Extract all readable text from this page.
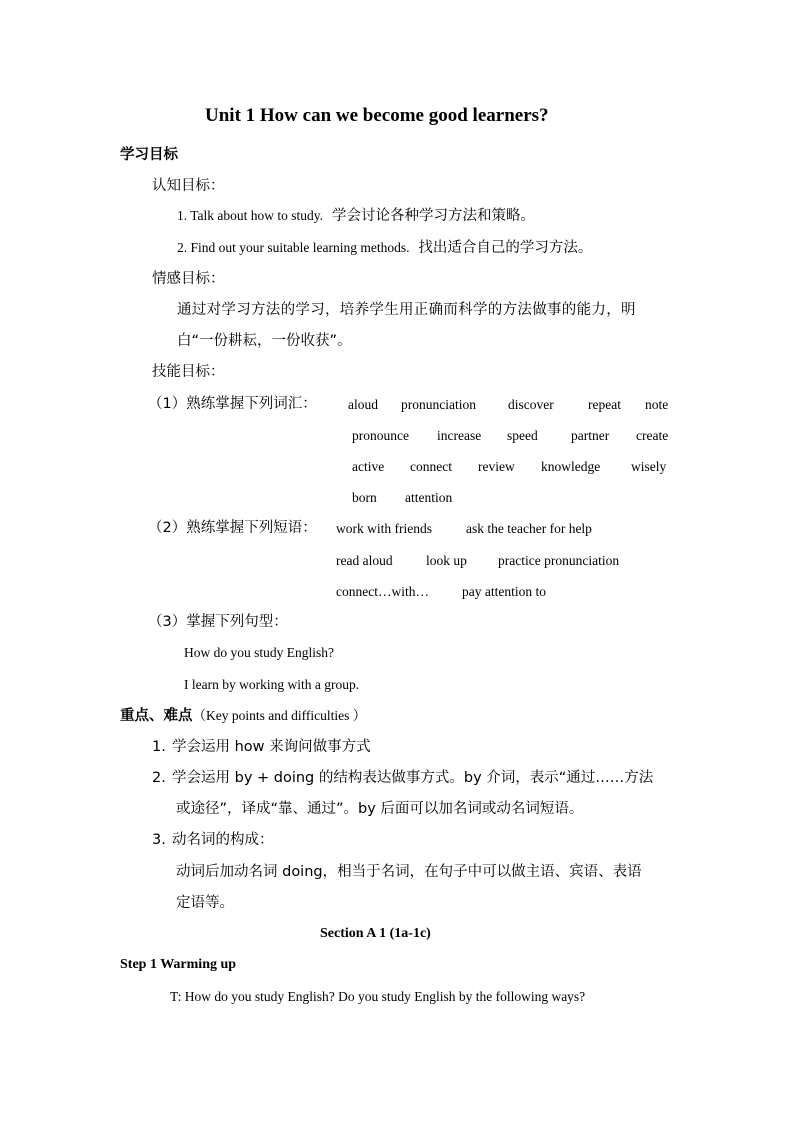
Unit 1 How can we become good learners?
学习目标
认知目标：
1. Talk about how to study. 学会讨论各种学习方法和策略。
2. Find out your suitable learning methods. 找出适合自己的学习方法。
情感目标：
通过对学习方法的学习，培养学生用正确而科学的方法做事的能力，明
白“一份耕耘，一份收获”。
技能目标：
（1）熟练掌握下列词汇： aloud pronunciation discover	repeat note
pronounce increase speed partner create
active connect review knowledge wisely
born attention
（2）熟练掌握下列短语： work with friends	ask the teacher for help
read aloud look up practice pronunciation
connect…with… pay attention to
（3）掌握下列句型：
How do you study English?
I learn by working with a group.
重点、难点（Key points and difficulties ）
1. 学会运用 how 来询问做事方式
2. 学会运用 by + doing 的结构表达做事方式。by 介词，表示“通过……方法
或途径”，译成“靠、通过”。by 后面可以加名词或动名词短语。
3. 动名词的构成：
动词后加动名词 doing，相当于名词，在句子中可以做主语、宾语、表语
定语等。
Section A 1 (1a-1c)
Step 1 Warming up
T: How do you study English? Do you study English by the following ways?
